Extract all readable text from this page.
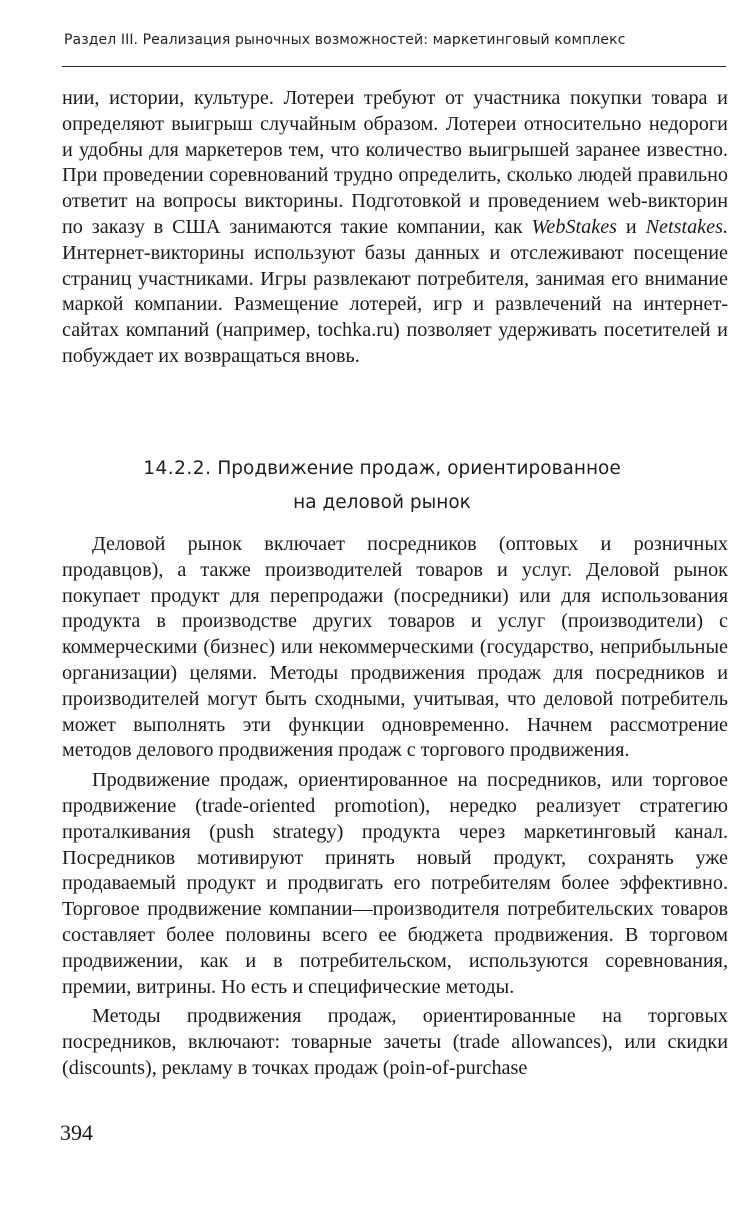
Раздел III. Реализация рыночных возможностей: маркетинговый комплекс

нии, истории, культуре. Лотереи требуют от участника покупки товара и определяют выигрыш случайным образом. Лотереи относительно недороги и удобны для маркетеров тем, что количество выигрышей заранее известно. При проведении соревнований трудно определить, сколько людей правильно ответит на вопросы викторины. Подготовкой и проведением web-викторин по заказу в США занимаются такие компании, как WebStakes и Netstakes. Интернет-викторины используют базы данных и отслеживают посещение страниц участниками. Игры развлекают потребителя, занимая его внимание маркой компании. Размещение лотерей, игр и развлечений на интернет-сайтах компаний (например, tochka.ru) позволяет удерживать посетителей и побуждает их возвращаться вновь.

14.2.2. Продвижение продаж, ориентированное
на деловой рынок

Деловой рынок включает посредников (оптовых и розничных продавцов), а также производителей товаров и услуг. Деловой рынок покупает продукт для перепродажи (посредники) или для использования продукта в производстве других товаров и услуг (производители) с коммерческими (бизнес) или некоммерческими (государство, неприбыльные организации) целями. Методы продвижения продаж для посредников и производителей могут быть сходными, учитывая, что деловой потребитель может выполнять эти функции одновременно. Начнем рассмотрение методов делового продвижения продаж с торгового продвижения.

Продвижение продаж, ориентированное на посредников, или торговое продвижение (trade-oriented promotion), нередко реализует стратегию проталкивания (push strategy) продукта через маркетинговый канал. Посредников мотивируют принять новый продукт, сохранять уже продаваемый продукт и продвигать его потребителям более эффективно. Торговое продвижение компании—производителя потребительских товаров составляет более половины всего ее бюджета продвижения. В торговом продвижении, как и в потребительском, используются соревнования, премии, витрины. Но есть и специфические методы.

Методы продвижения продаж, ориентированные на торговых посредников, включают: товарные зачеты (trade allowances), или скидки (discounts), рекламу в точках продаж (poin-of-purchase

394
